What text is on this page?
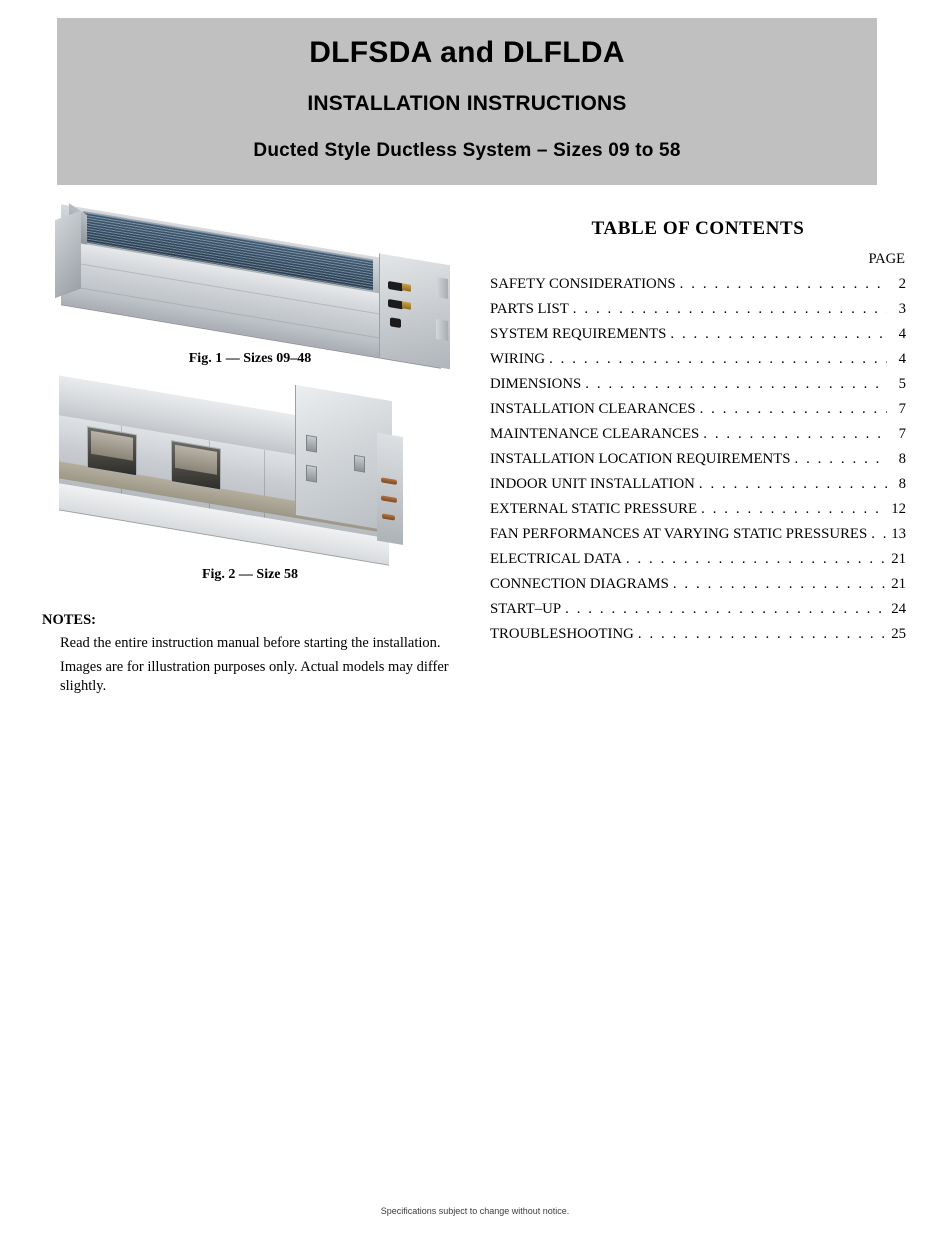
DLFSDA and DLFLDA
INSTALLATION INSTRUCTIONS
Ducted Style Ductless System – Sizes 09 to 58
Fig. 1 — Sizes 09–48
Fig. 2 — Size 58
NOTES:
Read the entire instruction manual before starting the installation.
Images are for illustration purposes only. Actual models may differ slightly.
TABLE OF CONTENTS
PAGE
SAFETY CONSIDERATIONS . . .	2
PARTS LIST . . .	3
SYSTEM REQUIREMENTS . . .	4
WIRING . . .	4
DIMENSIONS . . .	5
INSTALLATION CLEARANCES . . .	7
MAINTENANCE CLEARANCES . . .	7
INSTALLATION LOCATION REQUIREMENTS . . .	8
INDOOR UNIT INSTALLATION . . .	8
EXTERNAL STATIC PRESSURE . . .	12
FAN PERFORMANCES AT VARYING STATIC PRESSURES . . . 13
ELECTRICAL DATA . . .	21
CONNECTION DIAGRAMS . . .	21
START–UP . . .	24
TROUBLESHOOTING . . .	25
Specifications subject to change without notice.
